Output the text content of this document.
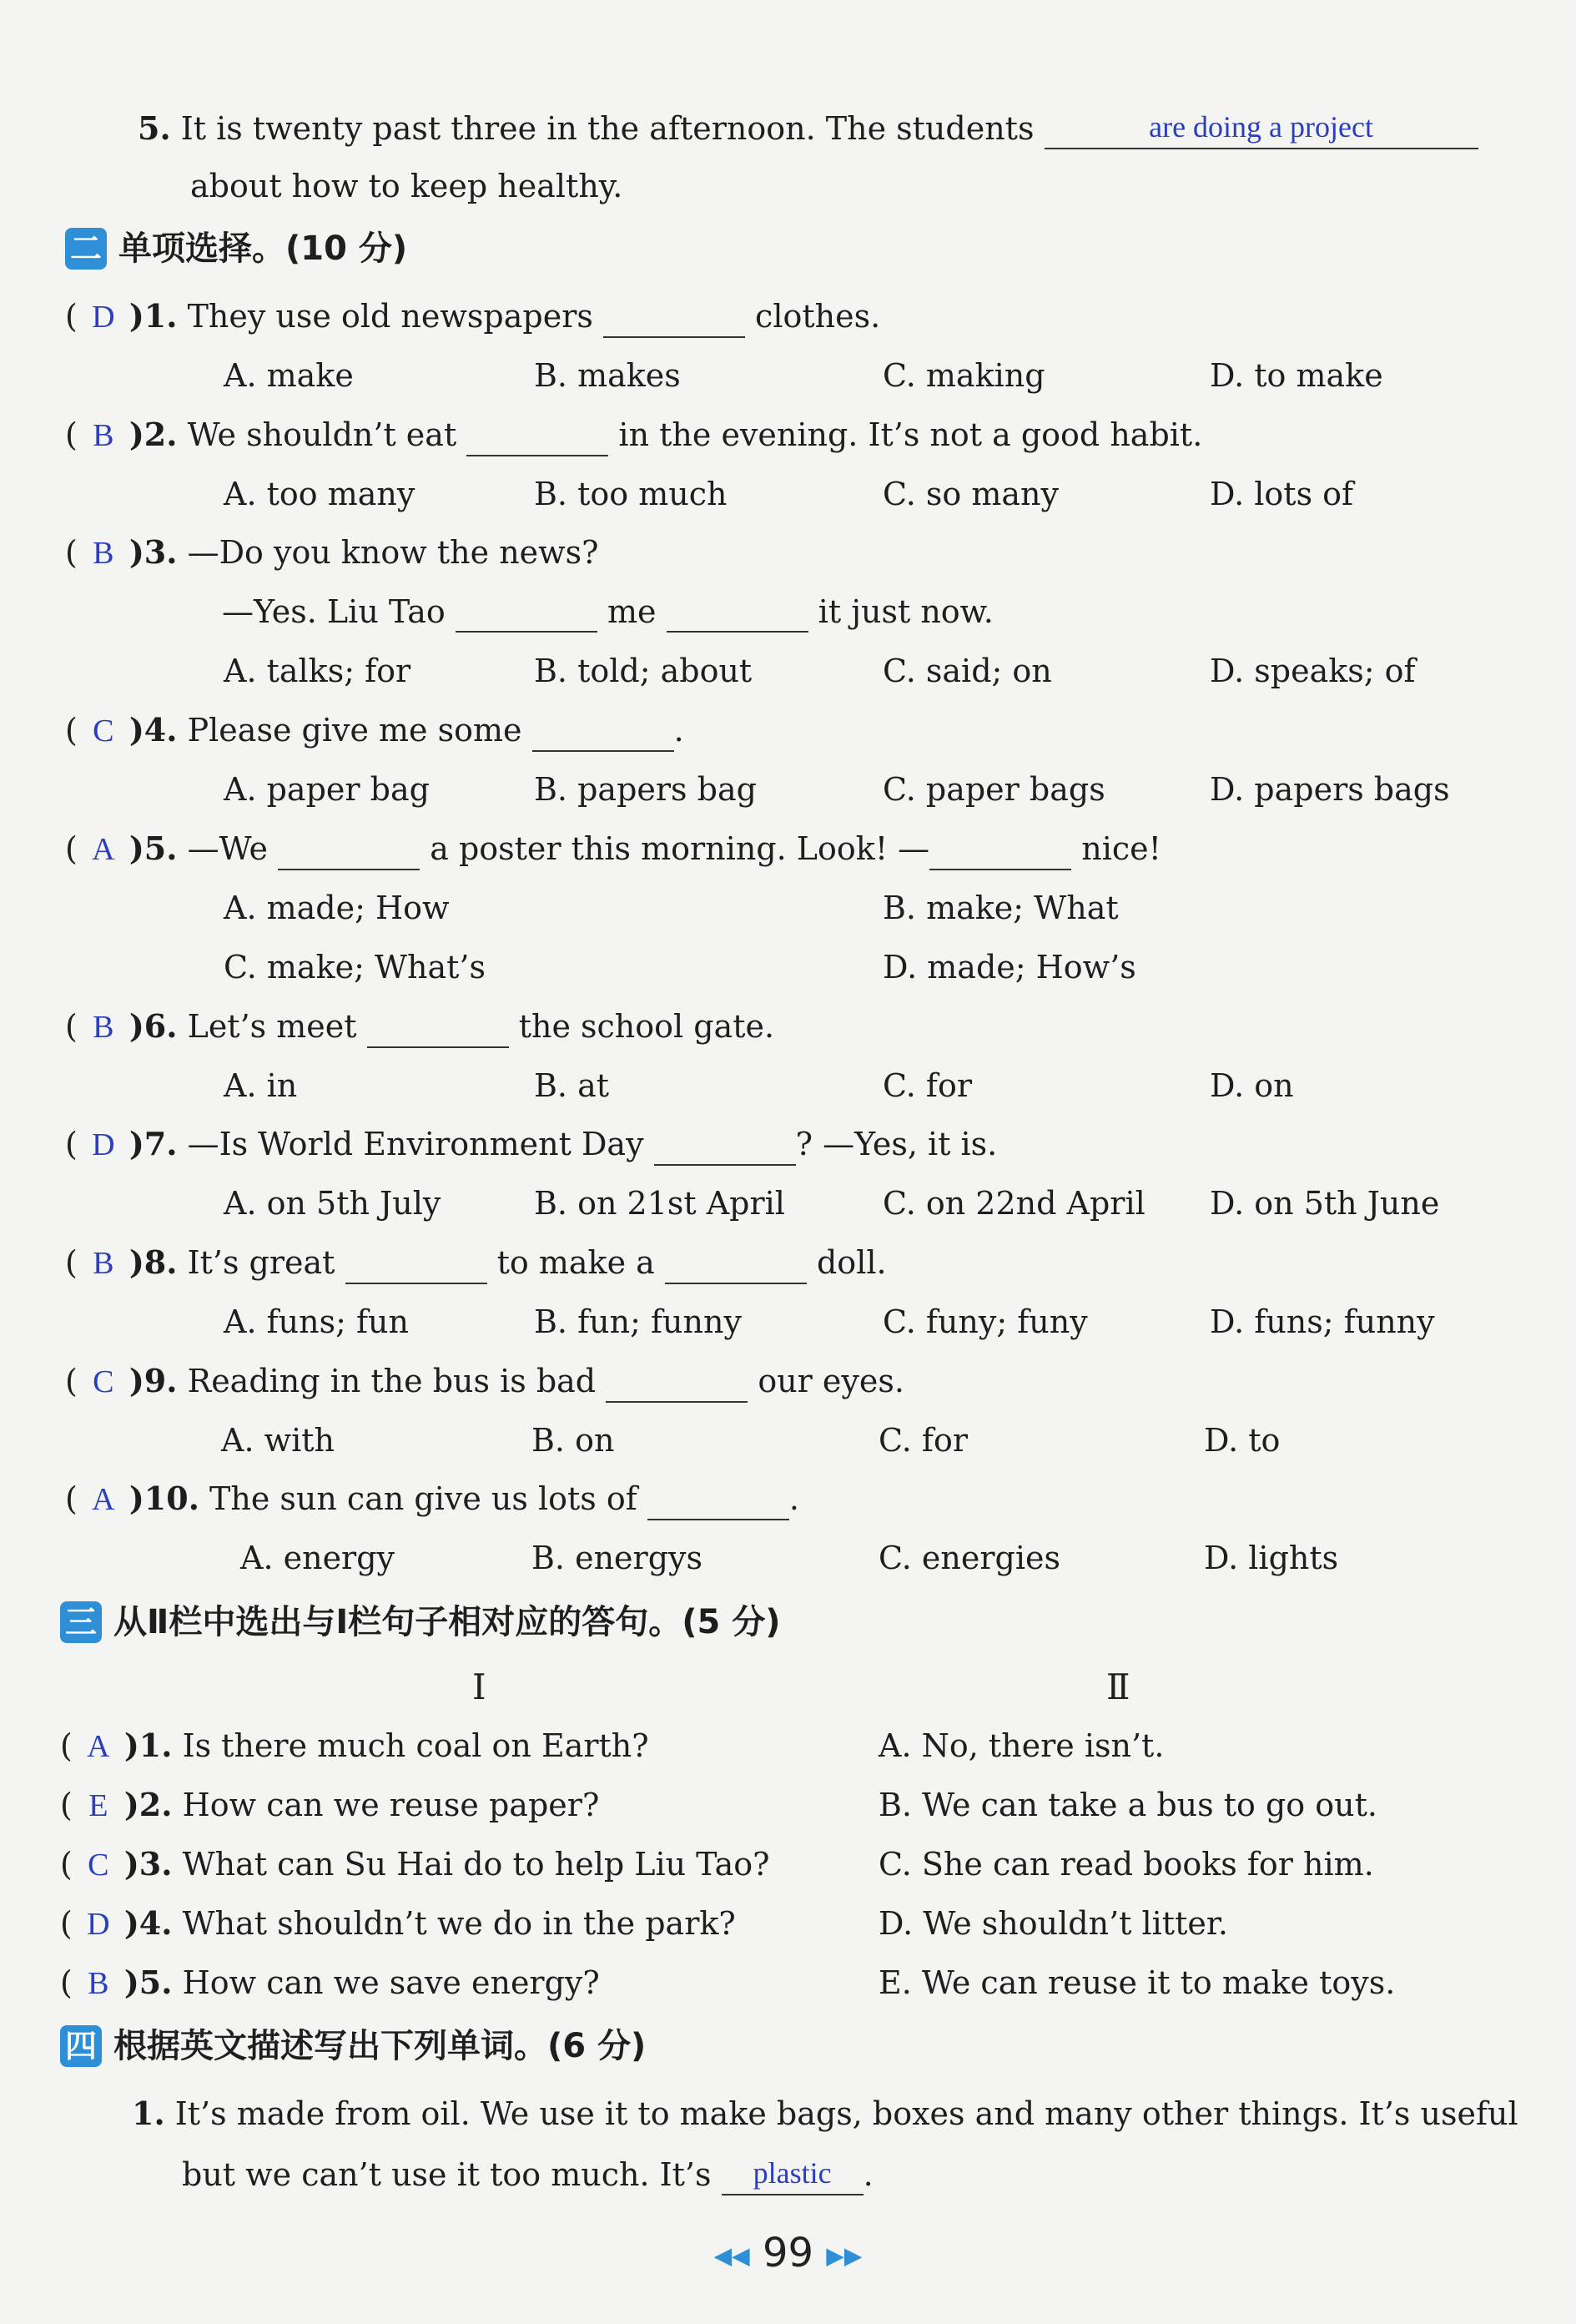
5. It is twenty past three in the afternoon. The students	are doing a project
about how to keep healthy.
二 单项选择。(10 分)
( D )1. They use old newspapers	clothes.
A. make	B. makes	C. making	D. to make
( B )2. We shouldn’t eat	in the evening. It’s not a good habit.
A. too many	B. too much	C. so many	D. lots of
( B )3. —Do you know the news?
—Yes. Liu Tao	me	it just now.
A. talks; for	B. told; about	C. said; on	D. speaks; of
( C )4. Please give me some	.
A. paper bag	B. papers bag	C. paper bags	D. papers bags
( A )5. —We	a poster this morning. Look! —	nice!
A. made; How	B. make; What
C. make; What’s	D. made; How’s
( B )6. Let’s meet	the school gate.
A. in	B. at	C. for	D. on
( D )7. —Is World Environment Day	? —Yes, it is.
A. on 5th July	B. on 21st April	C. on 22nd April D. on 5th June
( B )8. It’s great	to make a	doll.
A. funs; fun	B. fun; funny	C. funy; funy	D. funs; funny
( C )9. Reading in the bus is bad	our eyes.
A. with	B. on	C. for	D. to
( A )10. The sun can give us lots of	.
A. energy	B. energys	C. energies	D. lights
三 从Ⅱ栏中选出与Ⅰ栏句子相对应的答句。(5 分)
Ⅰ	Ⅱ
( A )1. Is there much coal on Earth?	A. No, there isn’t.
( E )2. How can we reuse paper?	B. We can take a bus to go out.
( C )3. What can Su Hai do to help Liu Tao?	C. She can read books for him.
( D )4. What shouldn’t we do in the park?	D. We shouldn’t litter.
( B )5. How can we save energy?	E. We can reuse it to make toys.
四 根据英文描述写出下列单词。(6 分)
1. It’s made from oil. We use it to make bags, boxes and many other things. It’s useful
but we can’t use it too much. It’s plastic .
◀◀ 99 ▶▶
